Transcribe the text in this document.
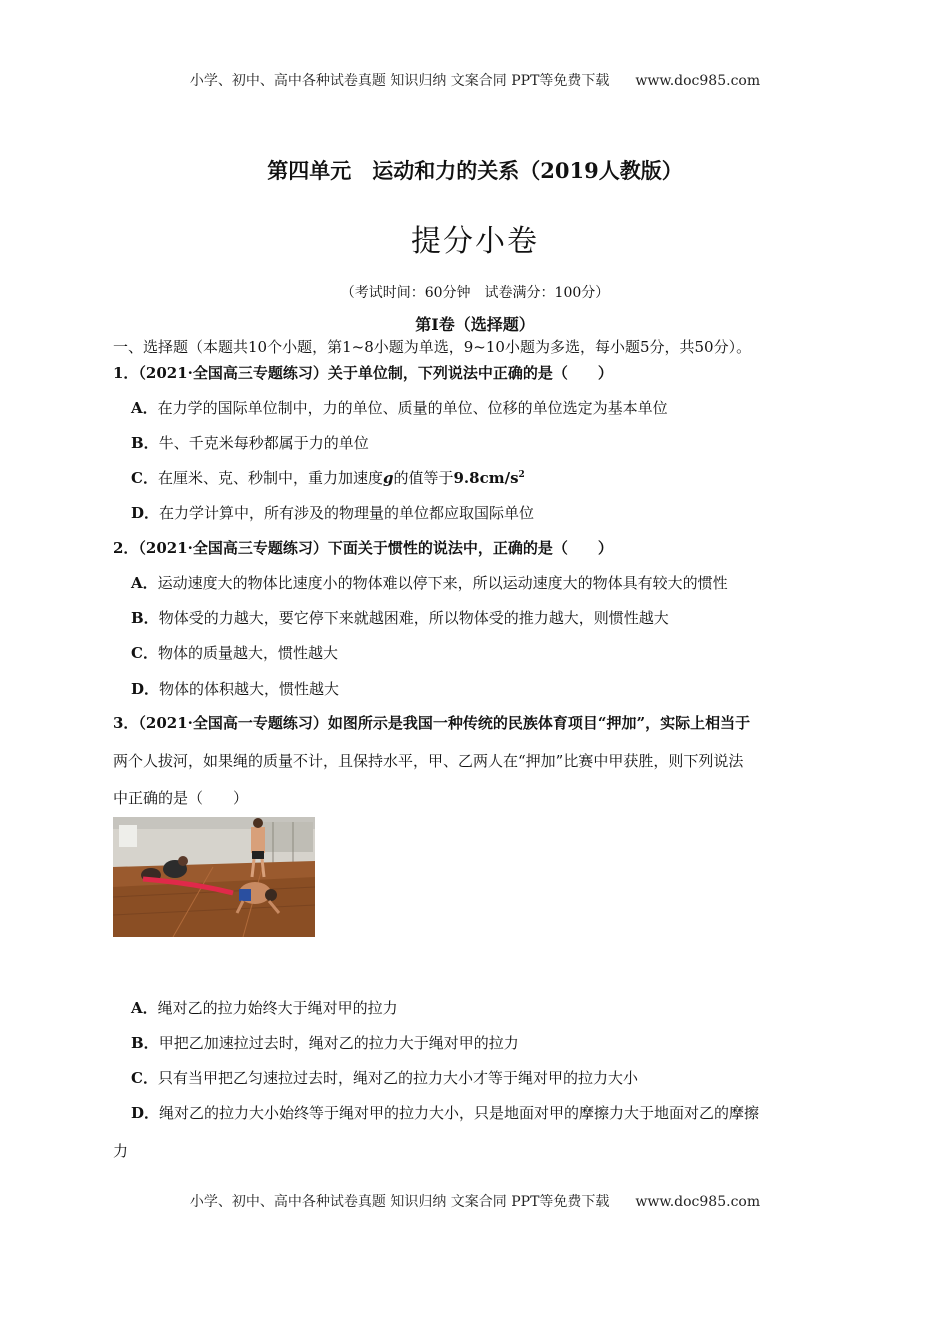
小学、初中、高中各种试卷真题 知识归纳 文案合同 PPT等免费下载 www.doc985.com
第四单元　运动和力的关系（2019人教版）
提分小卷
（考试时间：60分钟　试卷满分：100分）
第Ⅰ卷（选择题）
一、选择题（本题共10个小题，第1~8小题为单选，9~10小题为多选，每小题5分，共50分）。
1．（2021·全国高三专题练习）关于单位制，下列说法中正确的是（　　）
A．在力学的国际单位制中，力的单位、质量的单位、位移的单位选定为基本单位
B．牛、千克米每秒都属于力的单位
C．在厘米、克、秒制中，重力加速度g的值等于$9.8cm/s^2$
D．在力学计算中，所有涉及的物理量的单位都应取国际单位
2．（2021·全国高三专题练习）下面关于惯性的说法中，正确的是（　　）
A．运动速度大的物体比速度小的物体难以停下来，所以运动速度大的物体具有较大的惯性
B．物体受的力越大，要它停下来就越困难，所以物体受的推力越大，则惯性越大
C．物体的质量越大，惯性越大
D．物体的体积越大，惯性越大
3．（2021·全国高一专题练习）如图所示是我国一种传统的民族体育项目“押加”，实际上相当于
两个人拔河，如果绳的质量不计，且保持水平，甲、乙两人在“押加”比赛中甲获胜，则下列说法
中正确的是（　　）
A．绳对乙的拉力始终大于绳对甲的拉力
B．甲把乙加速拉过去时，绳对乙的拉力大于绳对甲的拉力
C．只有当甲把乙匀速拉过去时，绳对乙的拉力大小才等于绳对甲的拉力大小
D．绳对乙的拉力大小始终等于绳对甲的拉力大小，只是地面对甲的摩擦力大于地面对乙的摩擦
力
小学、初中、高中各种试卷真题 知识归纳 文案合同 PPT等免费下载 www.doc985.com
